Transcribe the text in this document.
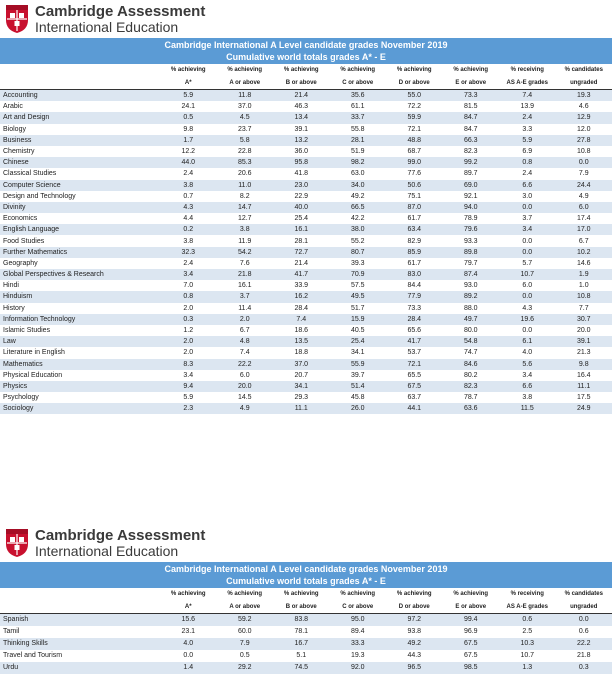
Cambridge Assessment
International Education
Cambridge International A Level candidate grades November 2019
Cumulative world totals grades A* - E
	% achieving	% achieving	% achieving	% achieving	% achieving	% achieving	% receiving	% candidates
	A*	A or above	B or above	C or above	D or above	E or above	AS A-E grades	ungraded
Accounting	5.9	11.8	21.4	35.6	55.0	73.3	7.4	19.3
Arabic	24.1	37.0	46.3	61.1	72.2	81.5	13.9	4.6
Art and Design	0.5	4.5	13.4	33.7	59.9	84.7	2.4	12.9
Biology	9.8	23.7	39.1	55.8	72.1	84.7	3.3	12.0
Business	1.7	5.8	13.2	28.1	48.8	66.3	5.9	27.8
Chemistry	12.2	22.8	36.0	51.9	68.7	82.3	6.9	10.8
Chinese	44.0	85.3	95.8	98.2	99.0	99.2	0.8	0.0
Classical Studies	2.4	20.6	41.8	63.0	77.6	89.7	2.4	7.9
Computer Science	3.8	11.0	23.0	34.0	50.6	69.0	6.6	24.4
Design and Technology	0.7	8.2	22.9	49.2	75.1	92.1	3.0	4.9
Divinity	4.3	14.7	40.0	66.5	87.0	94.0	0.0	6.0
Economics	4.4	12.7	25.4	42.2	61.7	78.9	3.7	17.4
English Language	0.2	3.8	16.1	38.0	63.4	79.6	3.4	17.0
Food Studies	3.8	11.9	28.1	55.2	82.9	93.3	0.0	6.7
Further Mathematics	32.3	54.2	72.7	80.7	85.9	89.8	0.0	10.2
Geography	2.4	7.6	21.4	39.3	61.7	79.7	5.7	14.6
Global Perspectives & Research	3.4	21.8	41.7	70.9	83.0	87.4	10.7	1.9
Hindi	7.0	16.1	33.9	57.5	84.4	93.0	6.0	1.0
Hinduism	0.8	3.7	16.2	49.5	77.9	89.2	0.0	10.8
History	2.0	11.4	28.4	51.7	73.3	88.0	4.3	7.7
Information Technology	0.3	2.0	7.4	15.9	28.4	49.7	19.6	30.7
Islamic Studies	1.2	6.7	18.6	40.5	65.6	80.0	0.0	20.0
Law	2.0	4.8	13.5	25.4	41.7	54.8	6.1	39.1
Literature in English	2.0	7.4	18.8	34.1	53.7	74.7	4.0	21.3
Mathematics	8.3	22.2	37.0	55.9	72.1	84.6	5.6	9.8
Physical Education	3.4	6.0	20.7	39.7	65.5	80.2	3.4	16.4
Physics	9.4	20.0	34.1	51.4	67.5	82.3	6.6	11.1
Psychology	5.9	14.5	29.3	45.8	63.7	78.7	3.8	17.5
Sociology	2.3	4.9	11.1	26.0	44.1	63.6	11.5	24.9
Cambridge Assessment
International Education
Cambridge International A Level candidate grades November 2019
Cumulative world totals grades A* - E
	% achieving	% achieving	% achieving	% achieving	% achieving	% achieving	% receiving	% candidates
	A*	A or above	B or above	C or above	D or above	E or above	AS A-E grades	ungraded
Spanish	15.6	59.2	83.8	95.0	97.2	99.4	0.6	0.0
Tamil	23.1	60.0	78.1	89.4	93.8	96.9	2.5	0.6
Thinking Skills	4.0	7.9	16.7	33.3	49.2	67.5	10.3	22.2
Travel and Tourism	0.0	0.5	5.1	19.3	44.3	67.5	10.7	21.8
Urdu	1.4	29.2	74.5	92.0	96.5	98.5	1.3	0.3
